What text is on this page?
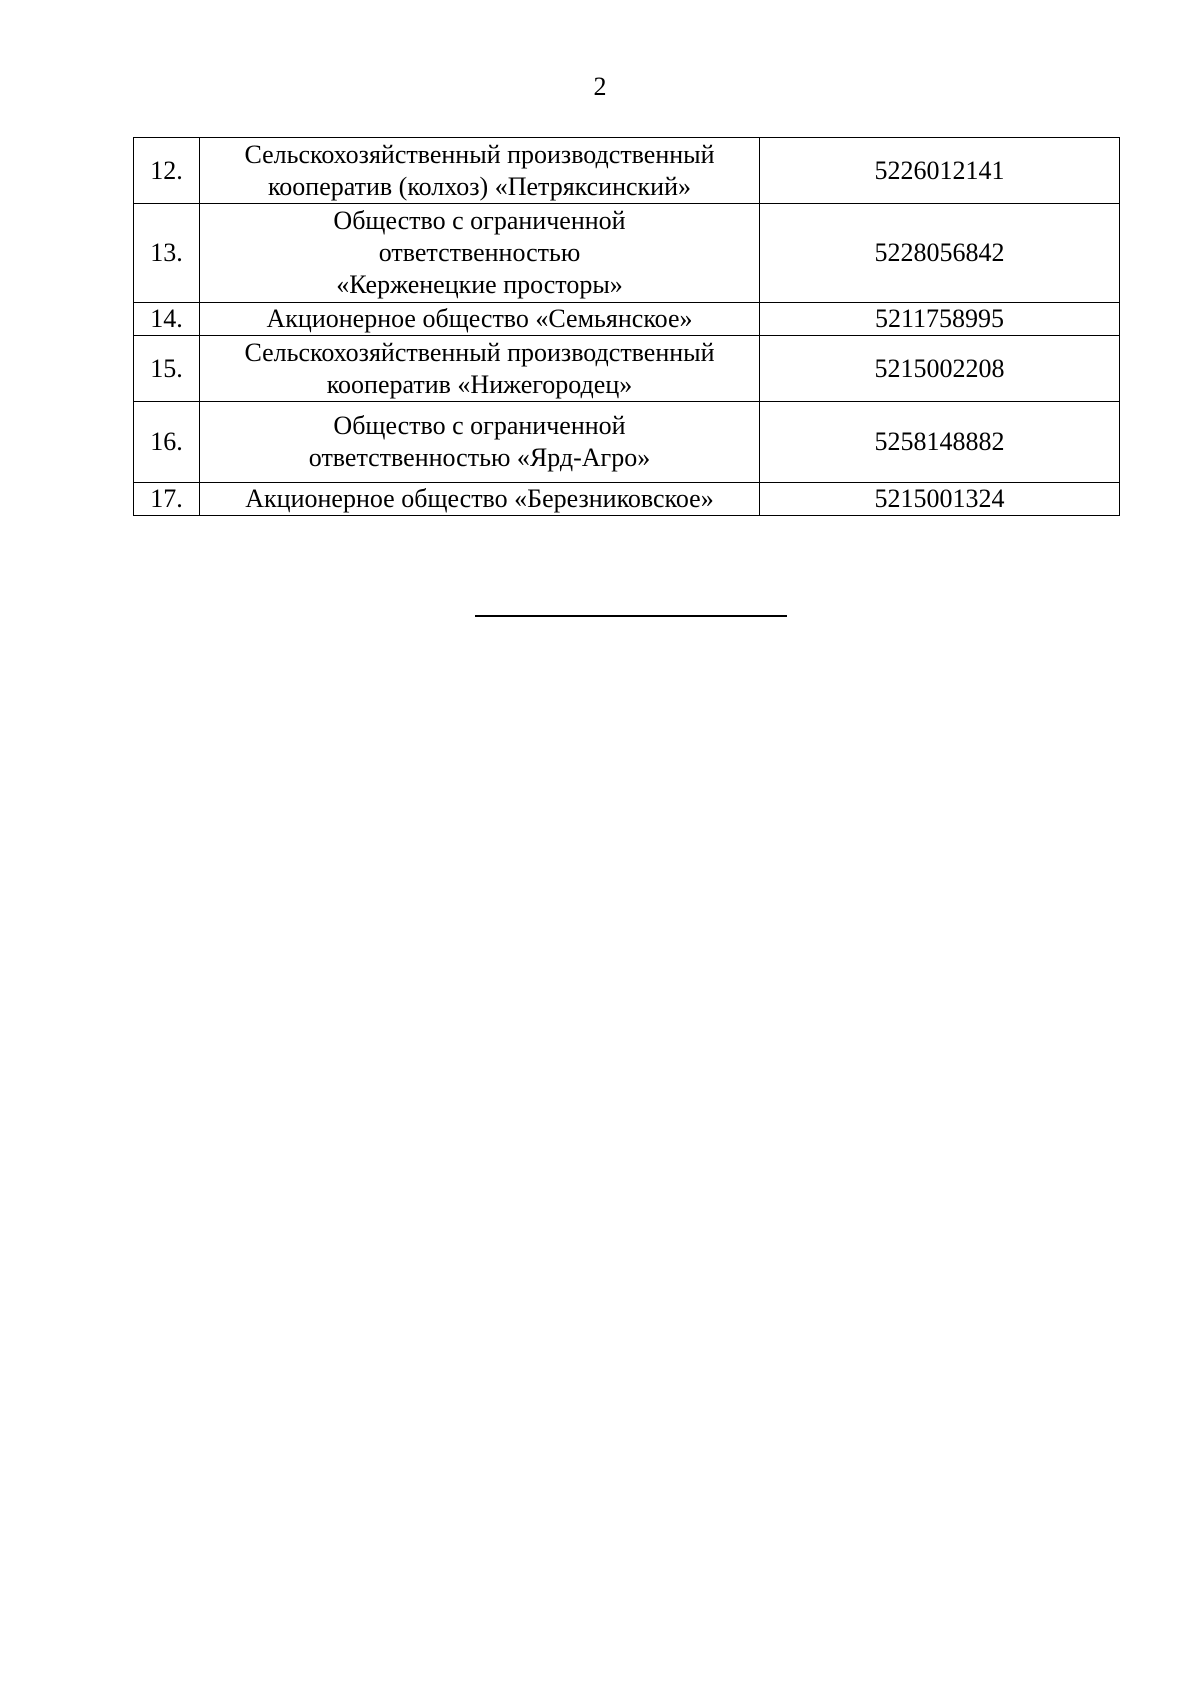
2
12.	Сельскохозяйственный производственный
кооператив (колхоз) «Петряксинский»	5226012141
13.	Общество с ограниченной
ответственностью
«Керженецкие просторы»	5228056842
14.	Акционерное общество «Семьянское»	5211758995
15.	Сельскохозяйственный производственный
кооператив «Нижегородец»	5215002208
16.	Общество с ограниченной
ответственностью «Ярд-Агро»	5258148882
17.	Акционерное общество «Березниковское»	5215001324
